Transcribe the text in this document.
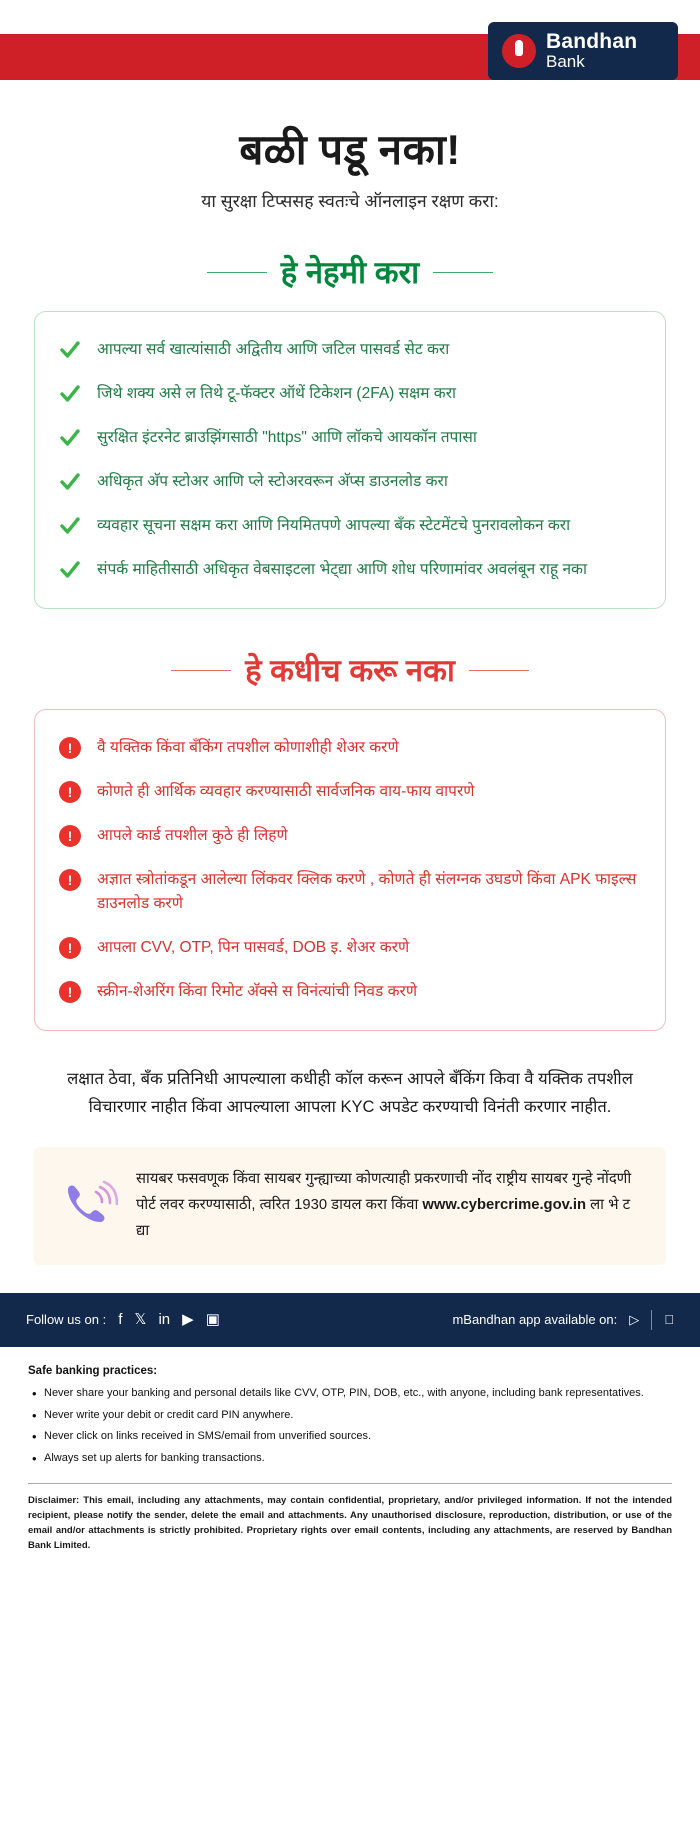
Bandhan
Bank
बळी पडू नका!
या सुरक्षा टिप्ससह स्वतःचे ऑनलाइन रक्षण करा:
हे नेहमी करा
आपल्या सर्व खात्यांसाठी अद्वितीय आणि जटिल पासवर्ड सेट करा
जिथे शक्य असे ल तिथे टू-फॅक्टर ऑथें टिकेशन (2FA) सक्षम करा
सुरक्षित इंटरनेट ब्राउझिंगसाठी "https" आणि लॉकचे आयकॉन तपासा
अधिकृत अ‍ॅप स्टोअर आणि प्ले स्टोअरवरून अ‍ॅप्स डाउनलोड करा
व्यवहार सूचना सक्षम करा आणि नियमितपणे आपल्या बँक स्टेटमेंटचे पुनरावलोकन करा
संपर्क माहितीसाठी अधिकृत वेबसाइटला भेट्द्या आणि शोध परिणामांवर अवलंबून राहू नका
हे कधीच करू नका
!	वै यक्तिक किंवा बँकिंग तपशील कोणाशीही शेअर करणे
!	कोणते ही आर्थिक व्यवहार करण्यासाठी सार्वजनिक वाय-फाय वापरणे
!	आपले कार्ड तपशील कुठे ही लिहणे
!	अज्ञात स्त्रोतांकडून आलेल्या लिंकवर क्लिक करणे , कोणते ही संलग्नक उघडणे किंवा APK फाइल्स डाउनलोड करणे
!	आपला CVV, OTP, पिन पासवर्ड, DOB इ. शेअर करणे
!	स्क्रीन-शेअरिंग किंवा रिमोट अ‍ॅक्से स विनंत्यांची निवड करणे
लक्षात ठेवा, बँक प्रतिनिधी आपल्याला कधीही कॉल करून आपले बँकिंग किवा वै यक्तिक तपशील विचारणार नाहीत किंवा आपल्याला आपला KYC अपडेट करण्याची विनंती करणार नाहीत.
सायबर फसवणूक किंवा सायबर गुन्ह्याच्या कोणत्याही प्रकरणाची नोंद राष्ट्रीय सायबर गुन्हे नोंदणी पोर्ट लवर करण्यासाठी, त्वरित 1930 डायल करा किंवा www.cybercrime.gov.in ला भे ट द्या
Follow us on : f 𝕏 in ▶ ▣	mBandhan app available on: ▷
Safe banking practices:
• Never share your banking and personal details like CVV, OTP, PIN, DOB, etc., with anyone, including bank representatives.
• Never write your debit or credit card PIN anywhere.
• Never click on links received in SMS/email from unverified sources.
• Always set up alerts for banking transactions.
Disclaimer: This email, including any attachments, may contain confidential, proprietary, and/or privileged information. If not the intended recipient, please notify the sender, delete the email and attachments. Any unauthorised disclosure, reproduction, distribution, or use of the email and/or attachments is strictly prohibited. Proprietary rights over email contents, including any attachments, are reserved by Bandhan Bank Limited.
